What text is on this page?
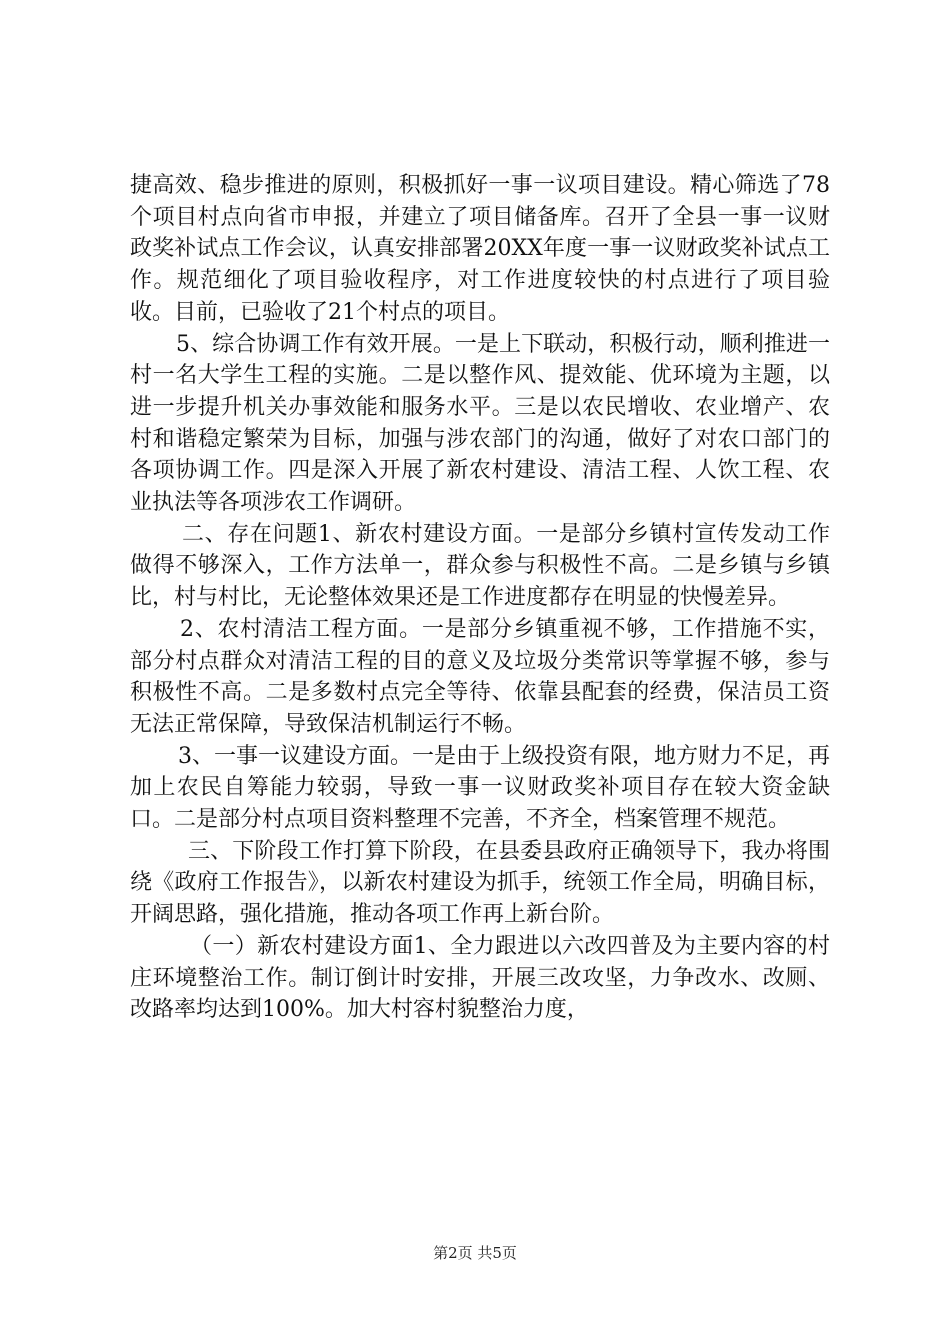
捷高效、稳步推进的原则，积极抓好一事一议项目建设。精心筛选了78个项目村点向省市申报，并建立了项目储备库。召开了全县一事一议财政奖补试点工作会议，认真安排部署20XX年度一事一议财政奖补试点工作。规范细化了项目验收程序，对工作进度较快的村点进行了项目验收。目前，已验收了21个村点的项目。

5、综合协调工作有效开展。一是上下联动，积极行动，顺利推进一村一名大学生工程的实施。二是以整作风、提效能、优环境为主题，以进一步提升机关办事效能和服务水平。三是以农民增收、农业增产、农村和谐稳定繁荣为目标，加强与涉农部门的沟通，做好了对农口部门的各项协调工作。四是深入开展了新农村建设、清洁工程、人饮工程、农业执法等各项涉农工作调研。

二、存在问题1、新农村建设方面。一是部分乡镇村宣传发动工作做得不够深入，工作方法单一，群众参与积极性不高。二是乡镇与乡镇比，村与村比，无论整体效果还是工作进度都存在明显的快慢差异。

2、农村清洁工程方面。一是部分乡镇重视不够，工作措施不实，部分村点群众对清洁工程的目的意义及垃圾分类常识等掌握不够，参与积极性不高。二是多数村点完全等待、依靠县配套的经费，保洁员工资无法正常保障，导致保洁机制运行不畅。

3、一事一议建设方面。一是由于上级投资有限，地方财力不足，再加上农民自筹能力较弱，导致一事一议财政奖补项目存在较大资金缺口。二是部分村点项目资料整理不完善，不齐全，档案管理不规范。

三、下阶段工作打算下阶段，在县委县政府正确领导下，我办将围绕《政府工作报告》，以新农村建设为抓手，统领工作全局，明确目标，开阔思路，强化措施，推动各项工作再上新台阶。

（一）新农村建设方面1、全力跟进以六改四普及为主要内容的村庄环境整治工作。制订倒计时安排，开展三改攻坚，力争改水、改厕、改路率均达到100%。加大村容村貌整治力度，

第2页 共5页
